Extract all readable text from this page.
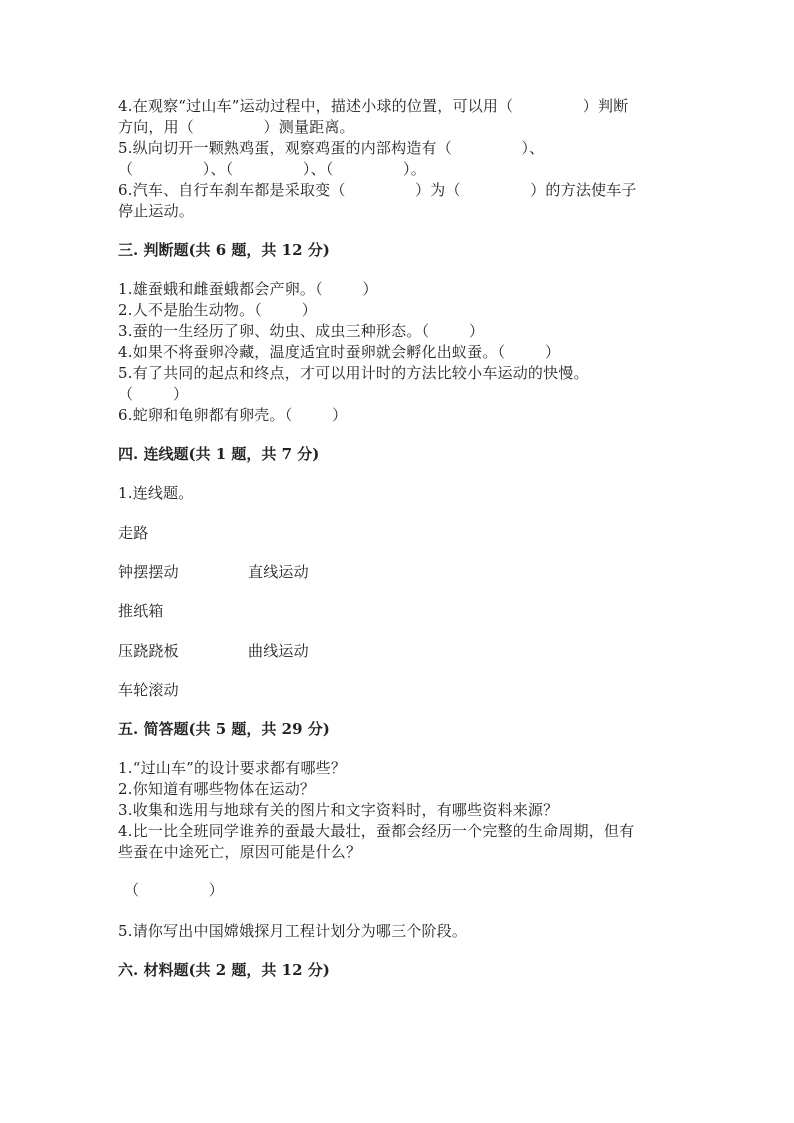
4.在观察“过山车”运动过程中，描述小球的位置，可以用（              ）判断
方向，用（              ）测量距离。
5.纵向切开一颗熟鸡蛋，观察鸡蛋的内部构造有（              ）、
（              ）、（              ）、（              ）。
6.汽车、自行车刹车都是采取变（              ）为（              ）的方法使车子
停止运动。
三. 判断题(共 6 题，共 12 分)
1.雄蚕蛾和雌蚕蛾都会产卵。（        ）
2.人不是胎生动物。（        ）
3.蚕的一生经历了卵、幼虫、成虫三种形态。（        ）
4.如果不将蚕卵冷藏，温度适宜时蚕卵就会孵化出蚁蚕。（        ）
5.有了共同的起点和终点，才可以用计时的方法比较小车运动的快慢。
（        ）
6.蛇卵和龟卵都有卵壳。（        ）
四. 连线题(共 1 题，共 7 分)
1.连线题。
走路
钟摆摆动	直线运动
推纸箱
压跷跷板	曲线运动
车轮滚动
五. 简答题(共 5 题，共 29 分)
1.“过山车”的设计要求都有哪些？
2.你知道有哪些物体在运动？
3.收集和选用与地球有关的图片和文字资料时，有哪些资料来源？
4.比一比全班同学谁养的蚕最大最壮，蚕都会经历一个完整的生命周期，但有
些蚕在中途死亡，原因可能是什么？
（              ）
5.请你写出中国嫦娥探月工程计划分为哪三个阶段。
六. 材料题(共 2 题，共 12 分)
